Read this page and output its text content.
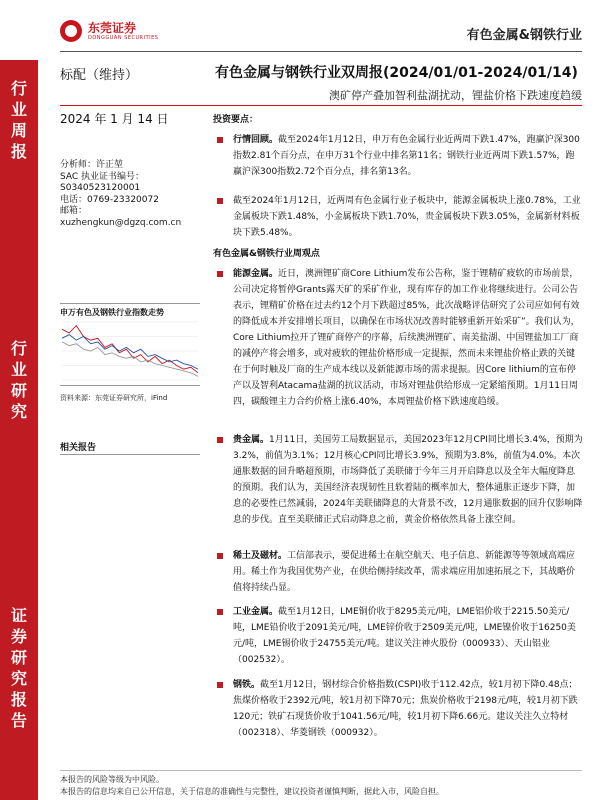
东莞证券
DONGGUAN SECURITIES	有色金属&钢铁行业
行
业
周
报
行
业
研
究
证
券
研
究
报
告
标配（维持）	有色金属与钢铁行业双周报(2024/01/01-2024/01/14)
澳矿停产叠加智利盐湖扰动，锂盐价格下跌速度趋缓
2024 年 1 月 14 日
分析师：许正堃
SAC 执业证书编号：
S0340523120001
电话：0769-23320072
邮箱：
xuzhengkun@dgzq.com.cn
申万有色及钢铁行业指数走势
资料来源：东莞证券研究所，iFind
相关报告
投资要点：
行情回顾。截至2024年1月12日，申万有色金属行业近两周下跌1.47%，跑赢沪深300指数2.81个百分点，在申万31个行业中排名第11名；钢铁行业近两周下跌1.57%，跑赢沪深300指数2.72个百分点，排名第13名。
截至2024年1月12日，近两周有色金属行业子板块中，能源金属板块上涨0.78%，工业金属板块下跌1.48%，小金属板块下跌1.70%，贵金属板块下跌3.05%，金属新材料板块下跌5.48%。
有色金属&钢铁行业周观点
能源金属。近日，澳洲锂矿商Core Lithium发布公告称，鉴于锂精矿疲软的市场前景，公司决定将暂停Grants露天矿的采矿作业，现有库存的加工作业将继续进行。公司公告表示，锂精矿价格在过去约12个月下跌超过85%，此次战略评估研究了公司应如何有效的降低成本并安排增长项目，以确保在市场状况改善时能够重新开始采矿”。我们认为，Core Lithium拉开了锂矿商停产的序幕，后续澳洲锂矿、南美盐湖、中国锂盐加工厂商的减停产将会增多，或对疲软的锂盐价格形成一定提振，然而未来锂盐价格止跌的关键在于何时触及厂商的生产成本线以及新能源市场的需求提振。因Core lithium的宣布停产以及智利Atacama盐湖的抗议活动，市场对锂盐供给形成一定紧缩预期。1月11日周四，碳酸锂主力合约价格上涨6.40%，本周锂盐价格下跌速度趋缓。
贵金属。1月11日，美国劳工局数据显示，美国2023年12月CPI同比增长3.4%，预期为3.2%，前值为3.1%；12月核心CPI同比增长3.9%，预期为3.8%，前值为4.0%。本次通胀数据的回升略超预期，市场降低了美联储于今年三月开启降息以及全年大幅度降息的预期。我们认为，美国经济表现韧性且软着陆的概率加大，整体通胀正逐步下降，加息的必要性已然减弱，2024年美联储降息的大背景不改，12月通胀数据的回升仅影响降息的步伐。直至美联储正式启动降息之前，黄金价格依然具备上涨空间。
稀土及磁材。工信部表示，要促进稀土在航空航天、电子信息、新能源等等领域高端应用。稀土作为我国优势产业，在供给侧持续改革，需求端应用加速拓展之下，其战略价值将持续凸显。
工业金属。截至1月12日，LME铜价收于8295美元/吨，LME铝价收于2215.50美元/吨，LME铅价收于2091美元/吨，LME锌价收于2509美元/吨，LME镍价收于16250美元/吨，LME锡价收于24755美元/吨。建议关注神火股份（000933）、天山铝业（002532）。
钢铁。截至1月12日，钢材综合价格指数(CSPI)收于112.42点，较1月初下降0.48点；焦煤价格收于2392元/吨，较1月初下降70元；焦炭价格收于2198元/吨，较1月初下跌120元；铁矿石现货价收于1041.56元/吨，较1月初下降6.66元。建议关注久立特材（002318）、华菱钢铁（000932）。
本报告的风险等级为中风险。
本报告的信息均来自已公开信息，关于信息的准确性与完整性，建议投资者谨慎判断，据此入市，风险自担。
